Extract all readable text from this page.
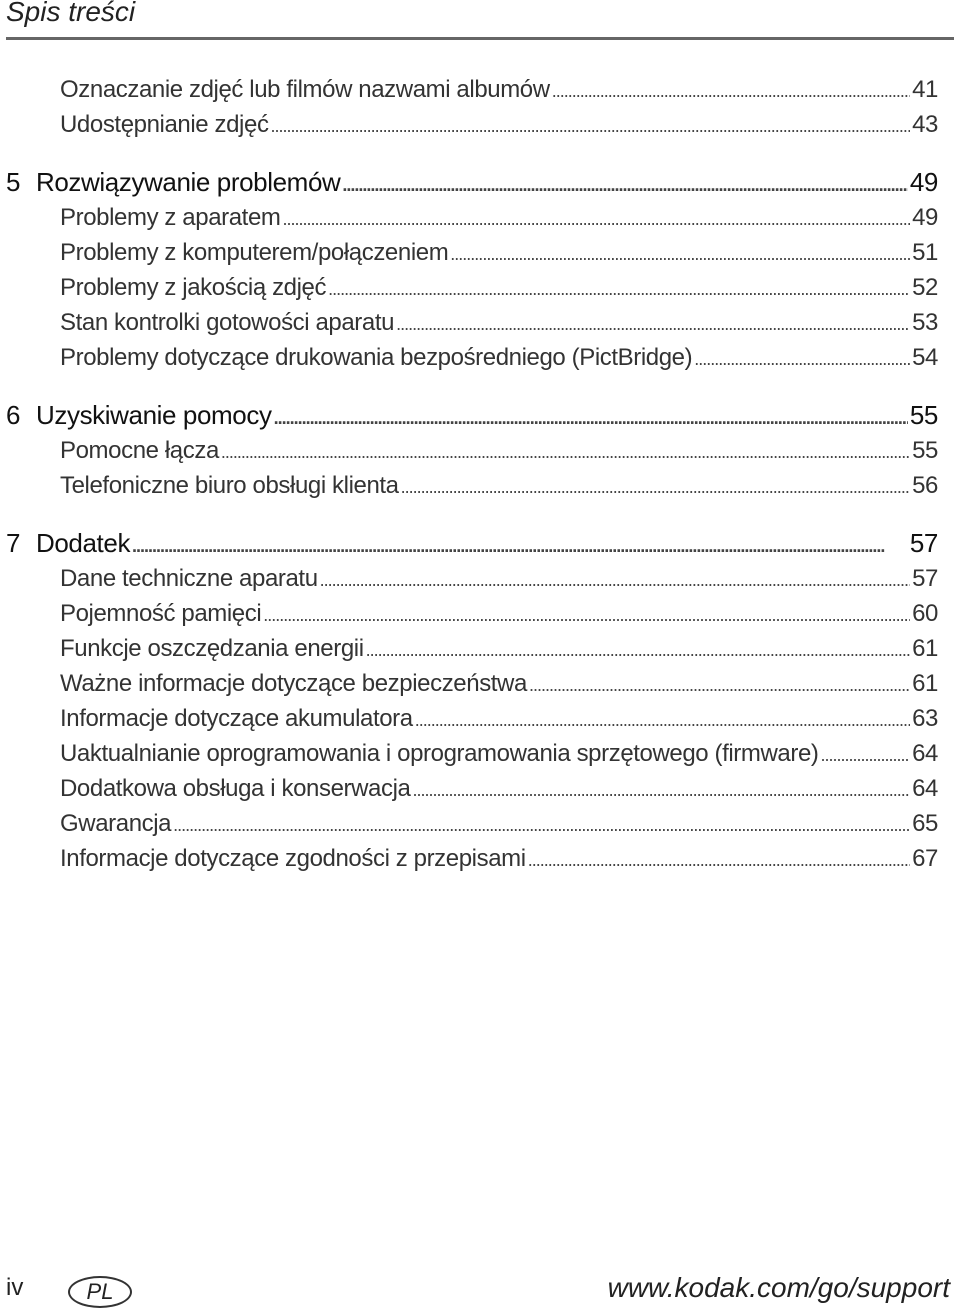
Spis treści
Oznaczanie zdjęć lub filmów nazwami albumów . . .	41
Udostępnianie zdjęć . . .	43
5 Rozwiązywanie problemów . . .	49
Problemy z aparatem . . .	49
Problemy z komputerem/połączeniem . . .	51
Problemy z jakością zdjęć . . .	52
Stan kontrolki gotowości aparatu . . .	53
Problemy dotyczące drukowania bezpośredniego (PictBridge) . . .	54
6 Uzyskiwanie pomocy . . .	55
Pomocne łącza . . .	55
Telefoniczne biuro obsługi klienta . . .	56
7 Dodatek . . .	57
Dane techniczne aparatu . . .	57
Pojemność pamięci . . .	60
Funkcje oszczędzania energii . . .	61
Ważne informacje dotyczące bezpieczeństwa . . .	61
Informacje dotyczące akumulatora . . .	63
Uaktualnianie oprogramowania i oprogramowania sprzętowego (firmware) . . .	64
Dodatkowa obsługa i konserwacja . . .	64
Gwarancja . . .	65
Informacje dotyczące zgodności z przepisami . . .	67
iv	PL	www.kodak.com/go/support
